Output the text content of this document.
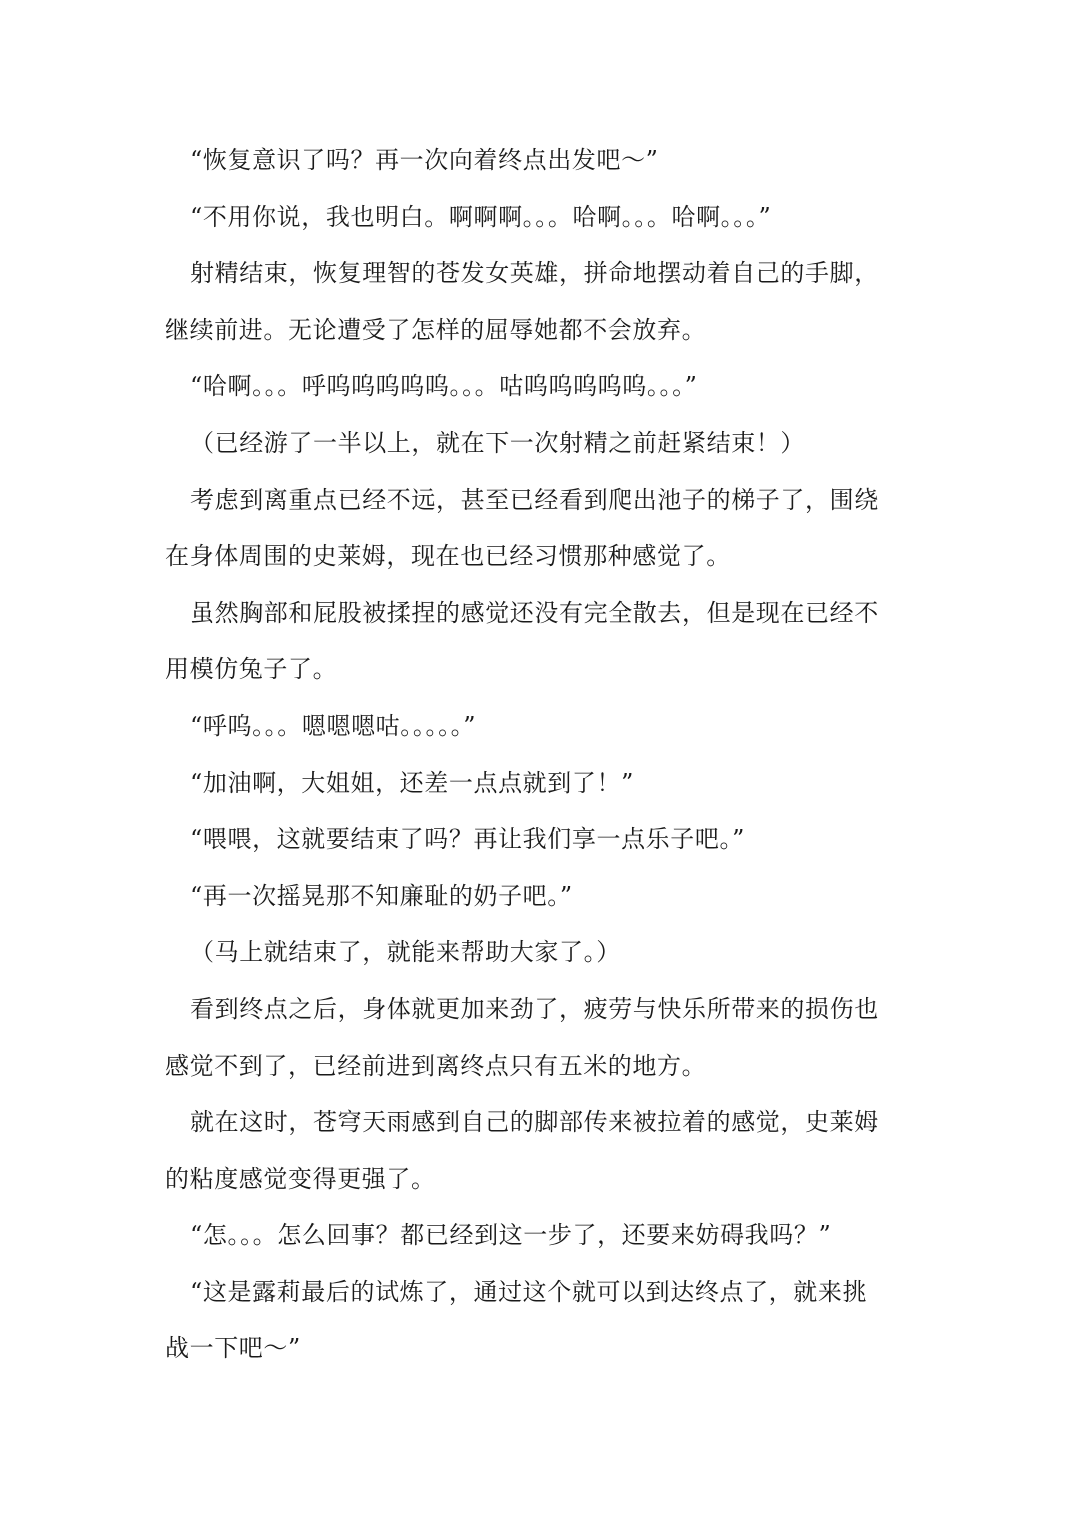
“恢复意识了吗？再一次向着终点出发吧～”
“不用你说，我也明白。啊啊啊。。。哈啊。。。哈啊。。。”
射精结束，恢复理智的苍发女英雄，拼命地摆动着自己的手脚，
继续前进。无论遭受了怎样的屈辱她都不会放弃。
“哈啊。。。呼呜呜呜呜呜。。。咕呜呜呜呜呜。。。”
（已经游了一半以上，就在下一次射精之前赶紧结束！）
考虑到离重点已经不远，甚至已经看到爬出池子的梯子了，围绕
在身体周围的史莱姆，现在也已经习惯那种感觉了。
虽然胸部和屁股被揉捏的感觉还没有完全散去，但是现在已经不
用模仿兔子了。
“呼呜。。。嗯嗯嗯咕。。。。。”
“加油啊，大姐姐，还差一点点就到了！”
“喂喂，这就要结束了吗？再让我们享一点乐子吧。”
“再一次摇晃那不知廉耻的奶子吧。”
（马上就结束了，就能来帮助大家了。）
看到终点之后，身体就更加来劲了，疲劳与快乐所带来的损伤也
感觉不到了，已经前进到离终点只有五米的地方。
就在这时，苍穹天雨感到自己的脚部传来被拉着的感觉，史莱姆
的粘度感觉变得更强了。
“怎。。。怎么回事？都已经到这一步了，还要来妨碍我吗？”
“这是露莉最后的试炼了，通过这个就可以到达终点了，就来挑
战一下吧～”
